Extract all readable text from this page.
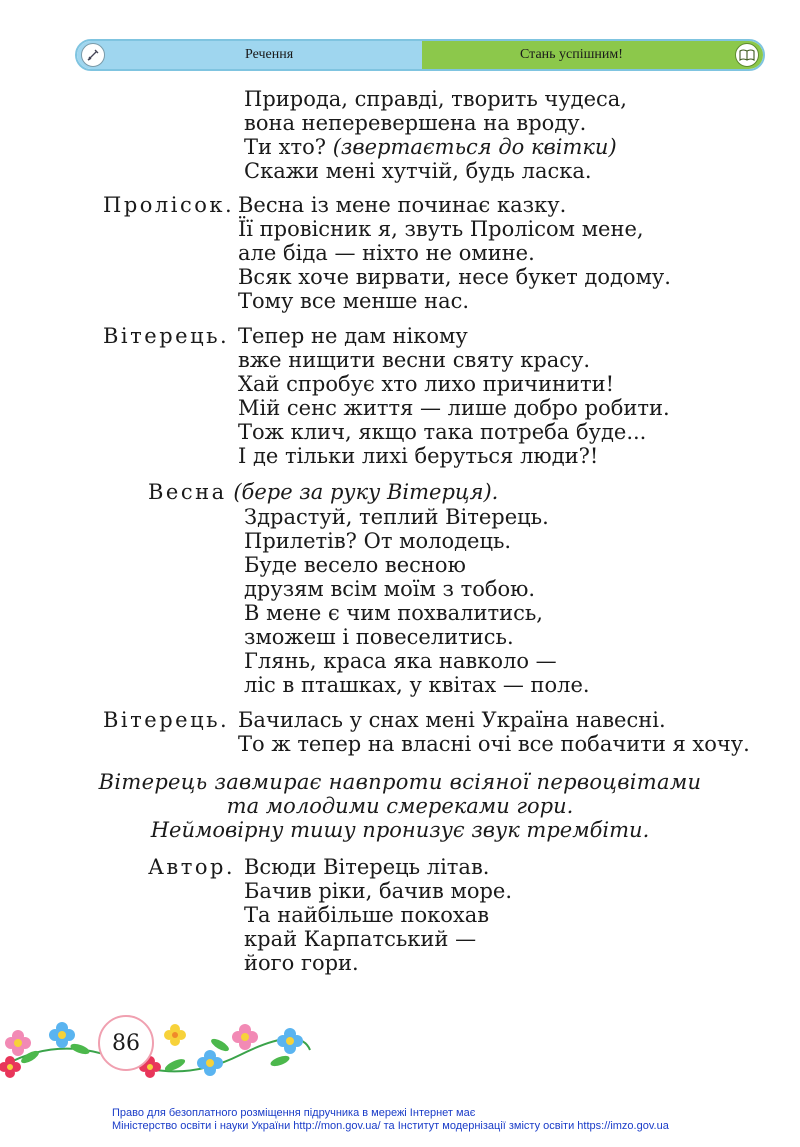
Речення	Стань успішним!
Природа, справді, творить чудеса,
вона неперевершена на вроду.
Ти хто? (звертається до квітки)
Скажи мені хутчій, будь ласка.
Пролісок. Весна із мене починає казку.
Її провісник я, звуть Пролісом мене,
але біда — ніхто не омине.
Всяк хоче вирвати, несе букет додому.
Тому все менше нас.
Вітерець. Тепер не дам нікому
вже нищити весни святу красу.
Хай спробує хто лихо причинити!
Мій сенс життя — лише добро робити.
Тож клич, якщо така потреба буде...
І де тільки лихі беруться люди?!
Весна (бере за руку Вітерця).
Здрастуй, теплий Вітерець.
Прилетів? От молодець.
Буде весело весною
друзям всім моїм з тобою.
В мене є чим похвалитись,
зможеш і повеселитись.
Глянь, краса яка навколо —
ліс в пташках, у квітах — поле.
Вітерець. Бачилась у снах мені Україна навесні.
То ж тепер на власні очі все побачити я хочу.
Вітерець завмирає навпроти всіяної первоцвітами
та молодими смереками гори.
Неймовірну тишу пронизує звук трембіти.
Автор. Всюди Вітерець літав.
Бачив ріки, бачив море.
Та найбільше покохав
край Карпатський —
його гори.
86
Право для безоплатного розміщення підручника в мережі Інтернет має
Міністерство освіти і науки України http://mon.gov.ua/ та Інститут модернізації змісту освіти https://imzo.gov.ua
